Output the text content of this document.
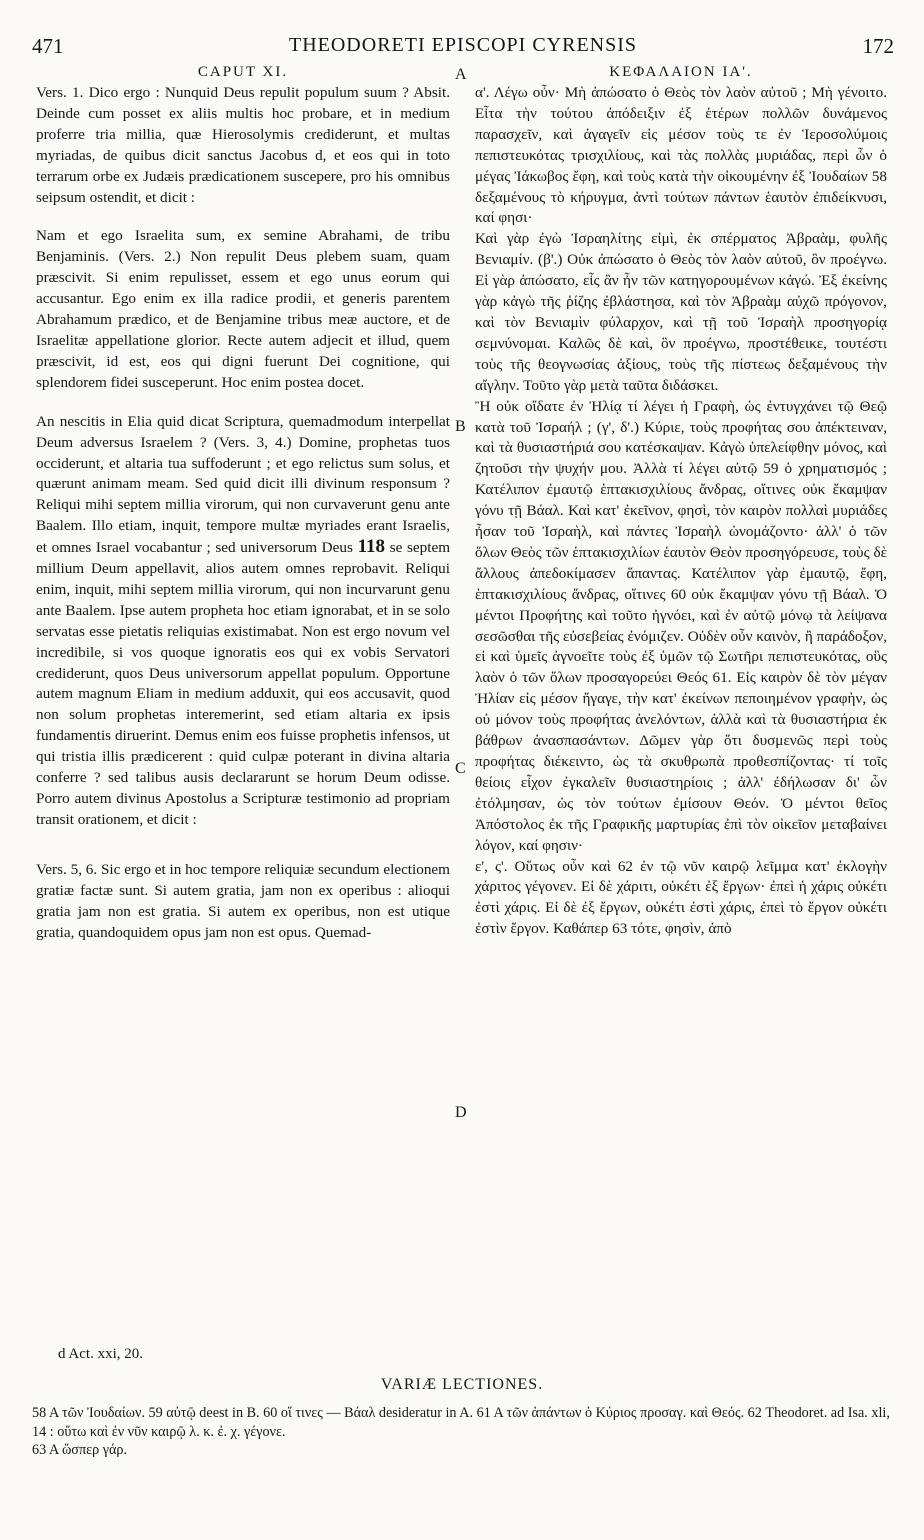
471	THEODORETI EPISCOPI CYRENSIS	172
CAPUT XI.

Vers. 1. Dico ergo : Nunquid Deus repulit populum suum ? Absit. Deinde cum posset ex aliis multis hoc probare, et in medium proferre tria millia, quæ Hierosolymis crediderunt, et multas myriadas, de quibus dicit sanctus Jacobus d, et eos qui in toto terrarum orbe ex Judæis prædicationem suscepere, pro his omnibus seipsum ostendit, et dicit :

Nam et ego Israelita sum, ex semine Abrahami, de tribu Benjaminis. (Vers. 2.) Non repulit Deus plebem suam, quam præscivit. Si enim repulisset, essem et ego unus eorum qui accusantur. Ego enim ex illa radice prodii, et generis parentem Abrahamum prædico, et de Benjamine tribus meæ auctore, et de Israelitæ appellatione glorior. Recte autem adjecit et illud, quem præscivit, id est, eos qui digni fuerunt Dei cognitione, qui splendorem fidei susceperunt. Hoc enim postea docet.

An nescitis in Elia quid dicat Scriptura, quemadmodum interpellat Deum adversus Israelem ? (Vers. 3, 4.) Domine, prophetas tuos occiderunt, et altaria tua suffoderunt ; et ego relictus sum solus, et quærunt animam meam. Sed quid dicit illi divinum responsum ? Reliqui mihi septem millia virorum, qui non curvaverunt genu ante Baalem. Illo etiam, inquit, tempore multæ myriades erant Israelis, et omnes Israel vocabantur ; sed universorum Deus 118 se septem millium Deum appellavit, alios autem omnes reprobavit. Reliqui enim, inquit, mihi septem millia virorum, qui non incurvarunt genu ante Baalem. Ipse autem propheta hoc etiam ignorabat, et in se solo servatas esse pietatis reliquias existimabat. Non est ergo novum vel incredibile, si vos quoque ignoratis eos qui ex vobis Servatori crediderunt, quos Deus universorum appellat populum. Opportune autem magnum Eliam in medium adduxit, qui eos accusavit, quod non solum prophetas interemerint, sed etiam altaria ex ipsis fundamentis diruerint. Demus enim eos fuisse prophetis infensos, ut qui tristia illis prædicerent : quid culpæ poterant in divina altaria conferre ? sed talibus ausis declararunt se horum Deum odisse. Porro autem divinus Apostolus a Scripturæ testimonio ad propriam transit orationem, et dicit :

Vers. 5, 6. Sic ergo et in hoc tempore reliquiæ secundum electionem gratiæ factæ sunt. Si autem gratia, jam non ex operibus : alioqui gratia jam non est gratia. Si autem ex operibus, non est utique gratia, quandoquidem opus jam non est opus. Quemad-

A
B
C
D
ΚΕΦΑΛΑΙΟΝ ΙΑ'.

α'. Λέγω οὖν· Μὴ ἀπώσατο ὁ Θεὸς τὸν λαὸν αὐτοῦ ; Μὴ γένοιτο. Εἶτα τὴν τούτου ἀπόδειξιν ἐξ ἑτέρων πολλῶν δυνάμενος παρασχεῖν, καὶ ἀγαγεῖν εἰς μέσον τοὺς τε ἐν Ἱεροσολύμοις πεπιστευκότας τρισχιλίους, καὶ τὰς πολλὰς μυριάδας, περὶ ὧν ὁ μέγας Ἰάκωβος ἔφη, καὶ τοὺς κατὰ τὴν οἰκουμένην ἐξ Ἰουδαίων 58 δεξαμένους τὸ κήρυγμα, ἀντὶ τούτων πάντων ἑαυτὸν ἐπιδείκνυσι, καί φησι·

Καὶ γὰρ ἐγὼ Ἰσραηλίτης εἰμὶ, ἐκ σπέρματος Ἀβραὰμ, φυλῆς Βενιαμίν. (β'.) Οὐκ ἀπώσατο ὁ Θεὸς τὸν λαὸν αὐτοῦ, ὃν προέγνω. Εἰ γὰρ ἀπώσατο, εἷς ἂν ἦν τῶν κατηγορουμένων κἀγώ. Ἐξ ἐκείνης γὰρ κἀγὼ τῆς ῥίζης ἐβλάστησα, καὶ τὸν Ἀβραὰμ αὐχῶ πρόγονον, καὶ τὸν Βενιαμὶν φύλαρχον, καὶ τῇ τοῦ Ἰσραὴλ προσηγορίᾳ σεμνύνομαι. Καλῶς δὲ καὶ, ὃν προέγνω, προστέθεικε, τουτέστι τοὺς τῆς θεογνωσίας ἀξίους, τοὺς τῆς πίστεως δεξαμένους τὴν αἴγλην. Τοῦτο γὰρ μετὰ ταῦτα διδάσκει.

Ἢ οὐκ οἴδατε ἐν Ἠλίᾳ τί λέγει ἡ Γραφὴ, ὡς ἐντυγχάνει τῷ Θεῷ κατὰ τοῦ Ἰσραήλ ; (γ', δ'.) Κύριε, τοὺς προφήτας σου ἀπέκτειναν, καὶ τὰ θυσιαστήριά σου κατέσκαψαν. Κἀγὼ ὑπελείφθην μόνος, καὶ ζητοῦσι τὴν ψυχήν μου. Ἀλλὰ τί λέγει αὐτῷ 59 ὁ χρηματισμός ; Κατέλιπον ἐμαυτῷ ἑπτακισχιλίους ἄνδρας, οἵτινες οὐκ ἔκαμψαν γόνυ τῇ Βάαλ. Καὶ κατ' ἐκεῖνον, φησὶ, τὸν καιρὸν πολλαὶ μυριάδες ἦσαν τοῦ Ἰσραὴλ, καὶ πάντες Ἰσραὴλ ὠνομάζοντο· ἀλλ' ὁ τῶν ὅλων Θεὸς τῶν ἑπτακισχιλίων ἑαυτὸν Θεὸν προσηγόρευσε, τοὺς δὲ ἄλλους ἀπεδοκίμασεν ἅπαντας. Κατέλιπον γὰρ ἐμαυτῷ, ἔφη, ἑπτακισχιλίους ἄνδρας, οἵτινες 60 οὐκ ἔκαμψαν γόνυ τῇ Βάαλ. Ὁ μέντοι Προφήτης καὶ τοῦτο ἠγνόει, καὶ ἐν αὐτῷ μόνῳ τὰ λείψανα σεσῶσθαι τῆς εὐσεβείας ἐνόμιζεν. Οὐδὲν οὖν καινὸν, ἢ παράδοξον, εἰ καὶ ὑμεῖς ἀγνοεῖτε τοὺς ἐξ ὑμῶν τῷ Σωτῆρι πεπιστευκότας, οὓς λαὸν ὁ τῶν ὅλων προσαγορεύει Θεός 61. Εἰς καιρὸν δὲ τὸν μέγαν Ἠλίαν εἰς μέσον ἤγαγε, τὴν κατ' ἐκείνων πεποιημένον γραφὴν, ὡς οὐ μόνον τοὺς προφήτας ἀνελόντων, ἀλλὰ καὶ τὰ θυσιαστήρια ἐκ βάθρων ἀνασπασάντων. Δῶμεν γὰρ ὅτι δυσμενῶς περὶ τοὺς προφήτας διέκειντο, ὡς τὰ σκυθρωπὰ προθεσπίζοντας· τί τοῖς θείοις εἶχον ἐγκαλεῖν θυσιαστηρίοις ; ἀλλ' ἐδήλωσαν δι' ὧν ἐτόλμησαν, ὡς τὸν τούτων ἐμίσουν Θεόν. Ὁ μέντοι θεῖος Ἀπόστολος ἐκ τῆς Γραφικῆς μαρτυρίας ἐπὶ τὸν οἰκεῖον μεταβαίνει λόγον, καί φησιν·

ε', ς'. Οὕτως οὖν καὶ 62 ἐν τῷ νῦν καιρῷ λεῖμμα κατ' ἐκλογὴν χάριτος γέγονεν. Εἰ δὲ χάριτι, οὐκέτι ἐξ ἔργων· ἐπεὶ ἡ χάρις οὐκέτι ἐστὶ χάρις. Εἰ δὲ ἐξ ἔργων, οὐκέτι ἐστὶ χάρις, ἐπεὶ τὸ ἔργον οὐκέτι ἐστὶν ἔργον. Καθάπερ 63 τότε, φησὶν, ἀπὸ

d Act. xxi, 20.
VARIÆ LECTIONES.

58 A τῶν Ἰουδαίων. 59 αὐτῷ deest in B. 60 οἵ τινες — Βάαλ desideratur in A. 61 A τῶν ἁπάντων ὁ Κύριος προσαγ. καὶ Θεός. 62 Theodoret. ad Isa. xli, 14 : οὕτω καὶ ἐν νῦν καιρῷ λ. κ. ἐ. χ. γέγονε.

63 A ὥσπερ γάρ.
